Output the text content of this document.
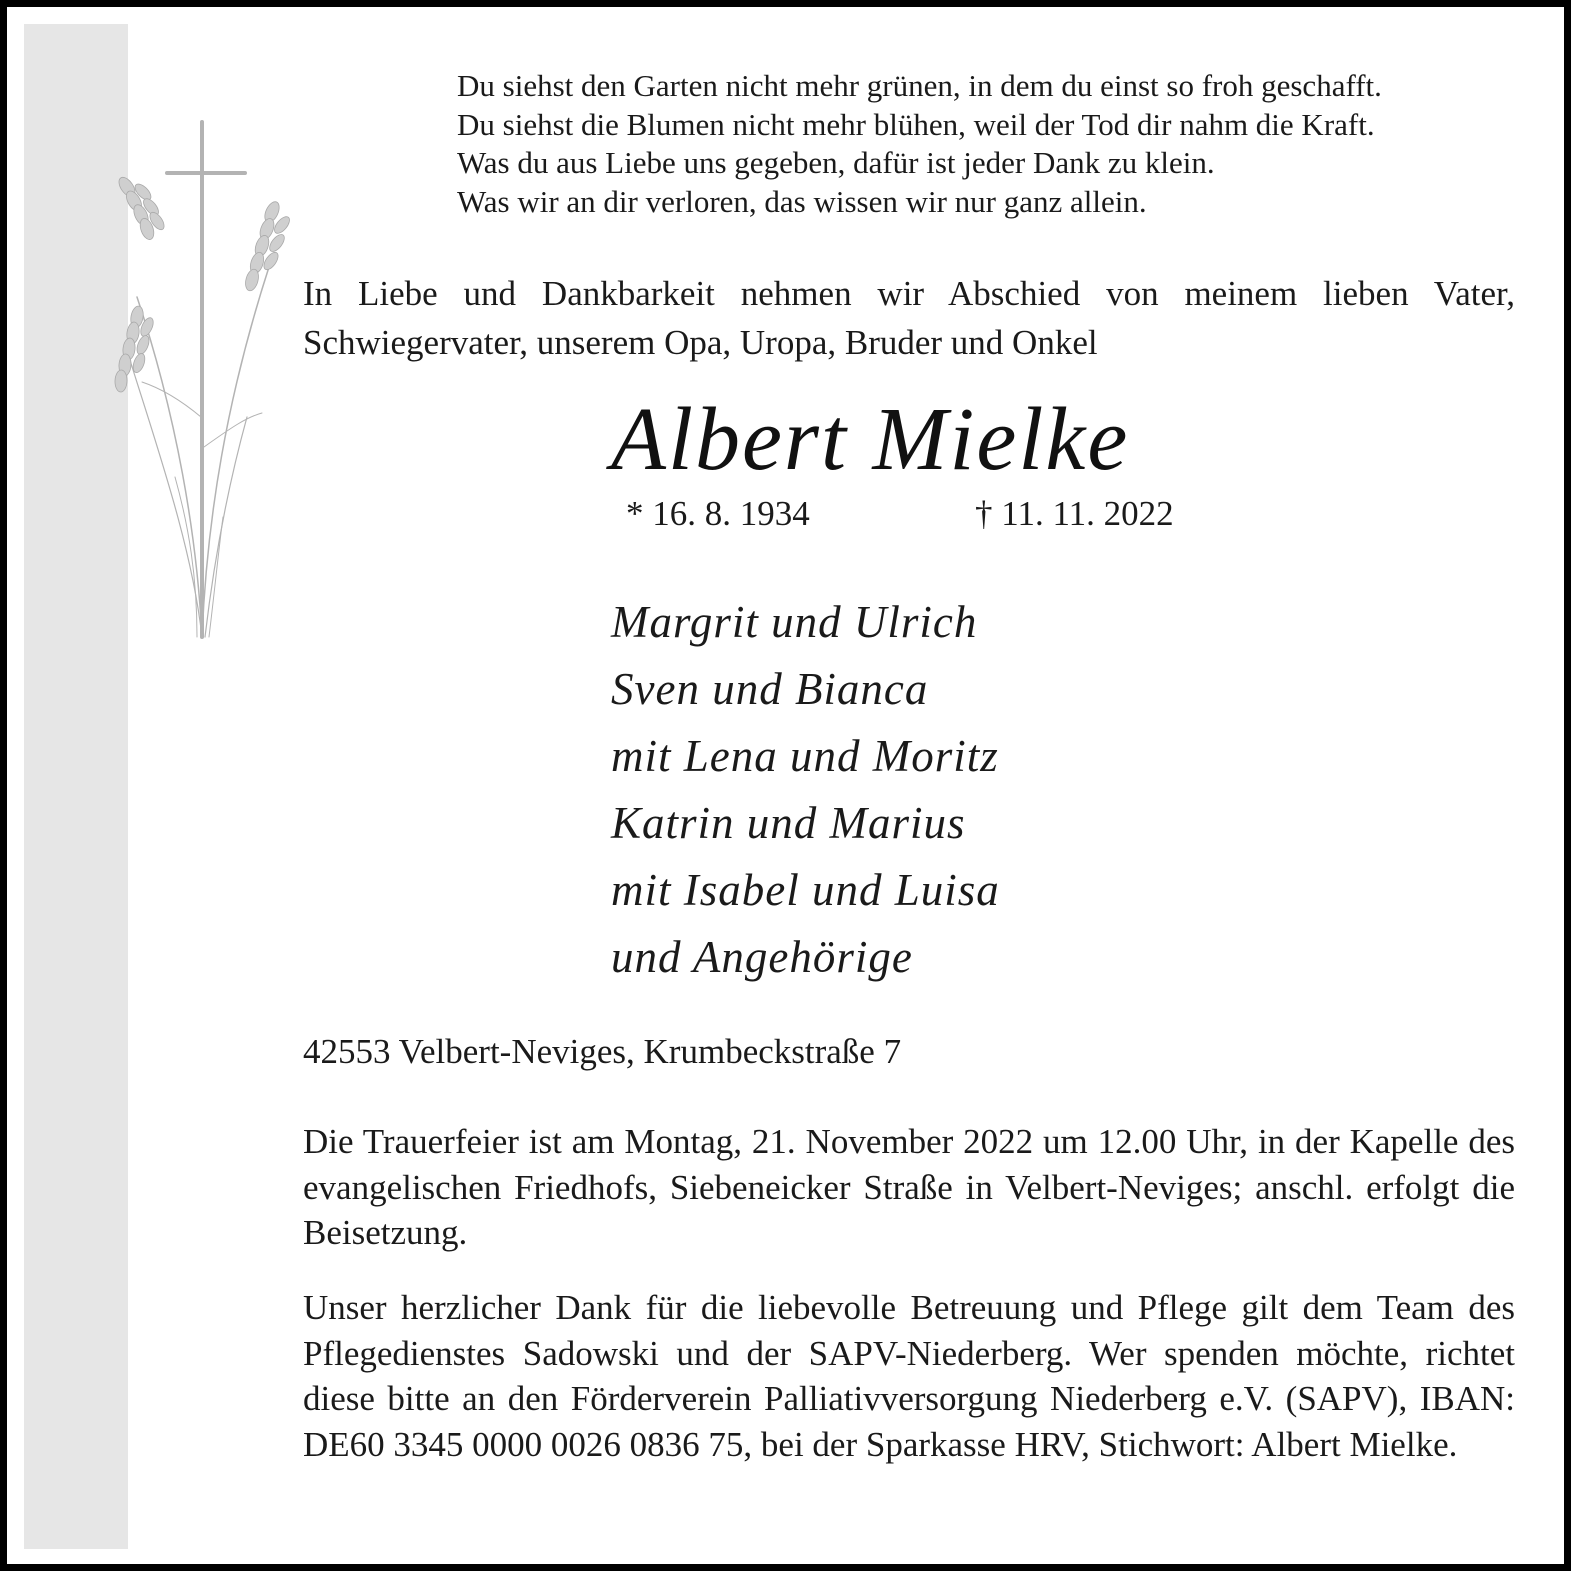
Du siehst den Garten nicht mehr grünen, in dem du einst so froh geschafft.
Du siehst die Blumen nicht mehr blühen, weil der Tod dir nahm die Kraft.
Was du aus Liebe uns gegeben, dafür ist jeder Dank zu klein.
Was wir an dir verloren, das wissen wir nur ganz allein.
In Liebe und Dankbarkeit nehmen wir Abschied von meinem lieben Vater,
Schwiegervater, unserem Opa, Uropa, Bruder und Onkel
Albert Mielke
* 16. 8. 1934	† 11. 11. 2022
Margrit und Ulrich
Sven und Bianca
mit Lena und Moritz
Katrin und Marius
mit Isabel und Luisa
und Angehörige
42553 Velbert-Neviges, Krumbeckstraße 7
Die Trauerfeier ist am Montag, 21. November 2022 um 12.00 Uhr, in der Kapelle des evangelischen Friedhofs, Siebeneicker Straße in Velbert-Neviges; anschl. erfolgt die Beisetzung.
Unser herzlicher Dank für die liebevolle Betreuung und Pflege gilt dem Team des Pflegedienstes Sadowski und der SAPV-Niederberg. Wer spenden möchte, richtet diese bitte an den Förderverein Palliativversorgung Niederberg e.V. (SAPV), IBAN: DE60 3345 0000 0026 0836 75, bei der Sparkasse HRV, Stichwort: Albert Mielke.
